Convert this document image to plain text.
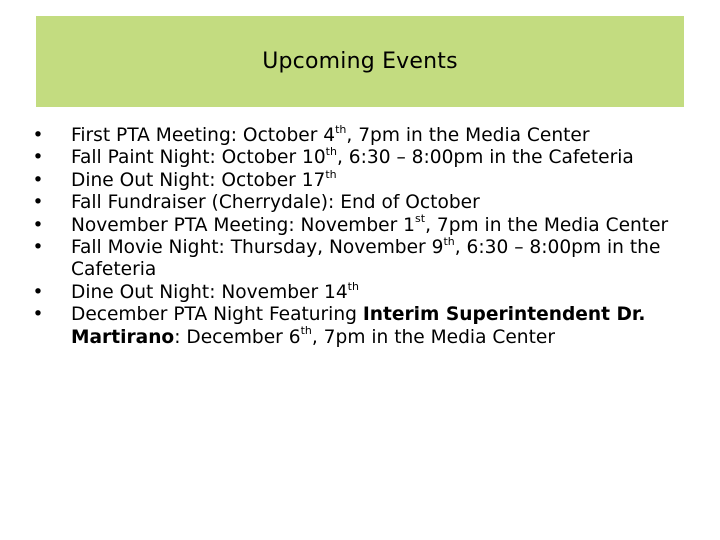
Upcoming Events
• First PTA Meeting: October 4th, 7pm in the Media Center
• Fall Paint Night: October 10th, 6:30 – 8:00pm in the Cafeteria
• Dine Out Night: October 17th
• Fall Fundraiser (Cherrydale): End of October
• November PTA Meeting: November 1st, 7pm in the Media Center
• Fall Movie Night: Thursday, November 9th, 6:30 – 8:00pm in the Cafeteria
• Dine Out Night: November 14th
• December PTA Night Featuring Interim Superintendent Dr. Martirano: December 6th, 7pm in the Media Center
